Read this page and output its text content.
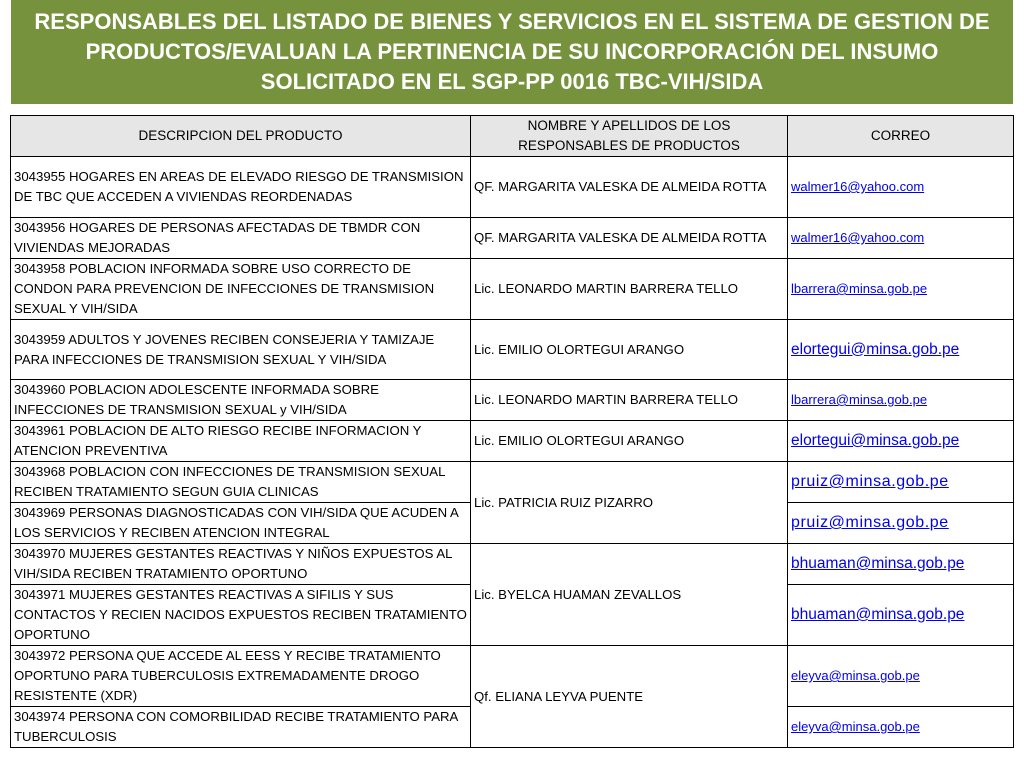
RESPONSABLES DEL LISTADO DE BIENES Y SERVICIOS EN EL SISTEMA DE GESTION DE PRODUCTOS/EVALUAN LA PERTINENCIA DE SU INCORPORACIÓN DEL INSUMO SOLICITADO EN EL SGP-PP 0016 TBC-VIH/SIDA
DESCRIPCION DEL PRODUCTO	NOMBRE Y APELLIDOS DE LOS RESPONSABLES DE PRODUCTOS	CORREO
3043955 HOGARES EN AREAS DE ELEVADO RIESGO DE TRANSMISION DE TBC QUE ACCEDEN A VIVIENDAS REORDENADAS	QF. MARGARITA VALESKA DE ALMEIDA ROTTA	walmer16@yahoo.com
3043956 HOGARES DE PERSONAS AFECTADAS DE TBMDR CON VIVIENDAS MEJORADAS	QF. MARGARITA VALESKA DE ALMEIDA ROTTA	walmer16@yahoo.com
3043958 POBLACION INFORMADA SOBRE USO CORRECTO DE CONDON PARA PREVENCION DE INFECCIONES DE TRANSMISION SEXUAL Y VIH/SIDA	Lic. LEONARDO MARTIN BARRERA TELLO	lbarrera@minsa.gob.pe
3043959 ADULTOS Y JOVENES RECIBEN CONSEJERIA Y TAMIZAJE PARA INFECCIONES DE TRANSMISION SEXUAL Y VIH/SIDA	Lic. EMILIO OLORTEGUI ARANGO	elortegui@minsa.gob.pe
3043960 POBLACION ADOLESCENTE INFORMADA SOBRE INFECCIONES DE TRANSMISION SEXUAL y VIH/SIDA	Lic. LEONARDO MARTIN BARRERA TELLO	lbarrera@minsa.gob.pe
3043961 POBLACION DE ALTO RIESGO RECIBE INFORMACION Y ATENCION PREVENTIVA	Lic. EMILIO OLORTEGUI ARANGO	elortegui@minsa.gob.pe
3043968 POBLACION CON INFECCIONES DE TRANSMISION SEXUAL RECIBEN TRATAMIENTO SEGUN GUIA CLINICAS	Lic. PATRICIA RUIZ PIZARRO	pruiz@minsa.gob.pe
3043969 PERSONAS DIAGNOSTICADAS CON VIH/SIDA QUE ACUDEN A LOS SERVICIOS Y RECIBEN ATENCION INTEGRAL		pruiz@minsa.gob.pe
3043970 MUJERES GESTANTES REACTIVAS Y NIÑOS EXPUESTOS AL VIH/SIDA RECIBEN TRATAMIENTO OPORTUNO	Lic. BYELCA HUAMAN ZEVALLOS	bhuaman@minsa.gob.pe
3043971 MUJERES GESTANTES REACTIVAS A SIFILIS Y SUS CONTACTOS Y RECIEN NACIDOS EXPUESTOS RECIBEN TRATAMIENTO OPORTUNO		bhuaman@minsa.gob.pe
3043972 PERSONA QUE ACCEDE AL EESS Y RECIBE TRATAMIENTO OPORTUNO PARA TUBERCULOSIS EXTREMADAMENTE DROGO RESISTENTE (XDR)	Qf. ELIANA LEYVA PUENTE	eleyva@minsa.gob.pe
3043974 PERSONA CON COMORBILIDAD RECIBE TRATAMIENTO PARA TUBERCULOSIS		eleyva@minsa.gob.pe
